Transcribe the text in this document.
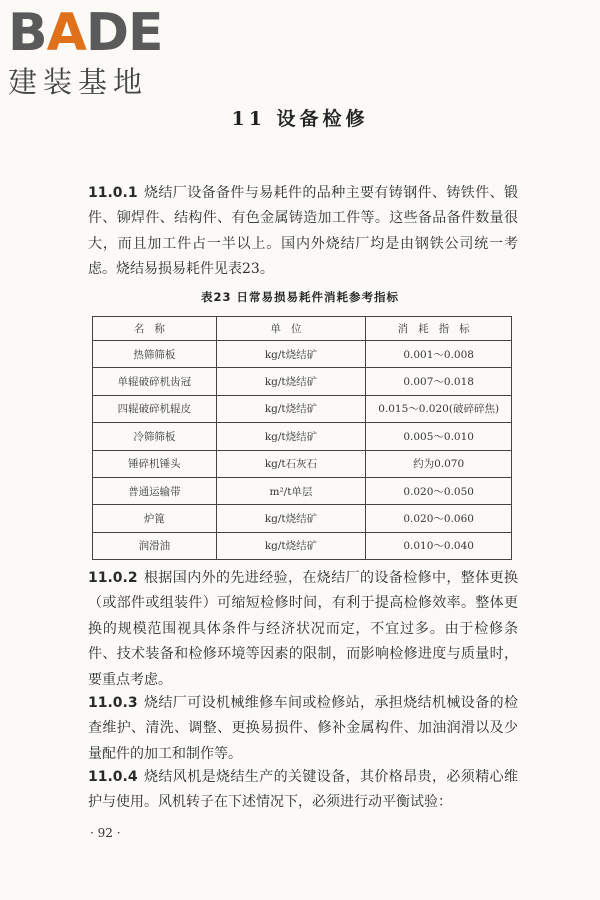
BADE
建装基地
11 设备检修
11.0.1 烧结厂设备备件与易耗件的品种主要有铸钢件、铸铁件、锻件、铆焊件、结构件、有色金属铸造加工件等。这些备品备件数量很大，而且加工件占一半以上。国内外烧结厂均是由钢铁公司统一考虑。烧结易损易耗件见表23。
表23 日常易损易耗件消耗参考指标
名称	单位	消耗指标
热筛筛板	kg/t烧结矿	0.001～0.008
单辊破碎机齿冠	kg/t烧结矿	0.007～0.018
四辊破碎机辊皮	kg/t烧结矿	0.015～0.020(破碎碎焦)
冷筛筛板	kg/t烧结矿	0.005～0.010
锤碎机锤头	kg/t石灰石	约为0.070
普通运输带	m²/t单层	0.020～0.050
炉篦	kg/t烧结矿	0.020～0.060
润滑油	kg/t烧结矿	0.010～0.040
11.0.2 根据国内外的先进经验，在烧结厂的设备检修中，整体更换（或部件或组装件）可缩短检修时间，有利于提高检修效率。整体更换的规模范围视具体条件与经济状况而定，不宜过多。由于检修条件、技术装备和检修环境等因素的限制，而影响检修进度与质量时，要重点考虑。
11.0.3 烧结厂可设机械维修车间或检修站，承担烧结机械设备的检查维护、清洗、调整、更换易损件、修补金属构件、加油润滑以及少量配件的加工和制作等。
11.0.4 烧结风机是烧结生产的关键设备，其价格昂贵，必须精心维护与使用。风机转子在下述情况下，必须进行动平衡试验：
· 92 ·
